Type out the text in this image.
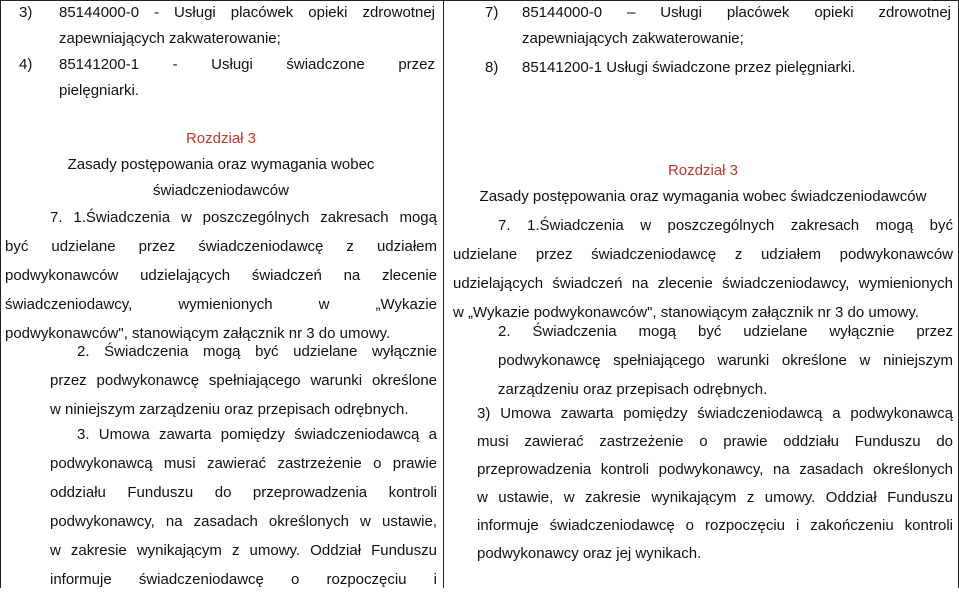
3) 85144000-0 - Usługi placówek opieki zdrowotnej
zapewniających zakwaterowanie;
4) 85141200-1 - Usługi świadczone przez
pielęgniarki.
Rozdział 3
Zasady postępowania oraz wymagania wobec
świadczeniodawców
7. 1.Świadczenia w poszczególnych zakresach mogą
być udzielane przez świadczeniodawcę z udziałem
podwykonawców udzielających świadczeń na zlecenie
świadczeniodawcy, wymienionych w „Wykazie
podwykonawców", stanowiącym załącznik nr 3 do umowy.
2. Świadczenia mogą być udzielane wyłącznie
przez podwykonawcę spełniającego warunki określone
w niniejszym zarządzeniu oraz przepisach odrębnych.
3. Umowa zawarta pomiędzy świadczeniodawcą a
podwykonawcą musi zawierać zastrzeżenie o prawie
oddziału Funduszu do przeprowadzenia kontroli
podwykonawcy, na zasadach określonych w ustawie,
w zakresie wynikającym z umowy. Oddział Funduszu
informuje świadczeniodawcę o rozpoczęciu i
7) 85144000-0 – Usługi placówek opieki zdrowotnej
zapewniających zakwaterowanie;
8) 85141200-1 Usługi świadczone przez pielęgniarki.
Rozdział 3
Zasady postępowania oraz wymagania wobec świadczeniodawców
7. 1.Świadczenia w poszczególnych zakresach mogą być
udzielane przez świadczeniodawcę z udziałem podwykonawców
udzielających świadczeń na zlecenie świadczeniodawcy, wymienionych
w „Wykazie podwykonawców", stanowiącym załącznik nr 3 do umowy.
2. Świadczenia mogą być udzielane wyłącznie przez
podwykonawcę spełniającego warunki określone w niniejszym
zarządzeniu oraz przepisach odrębnych.
3) Umowa zawarta pomiędzy świadczeniodawcą a podwykonawcą
musi zawierać zastrzeżenie o prawie oddziału Funduszu do
przeprowadzenia kontroli podwykonawcy, na zasadach określonych
w ustawie, w zakresie wynikającym z umowy. Oddział Funduszu
informuje świadczeniodawcę o rozpoczęciu i zakończeniu kontroli
podwykonawcy oraz jej wynikach.
